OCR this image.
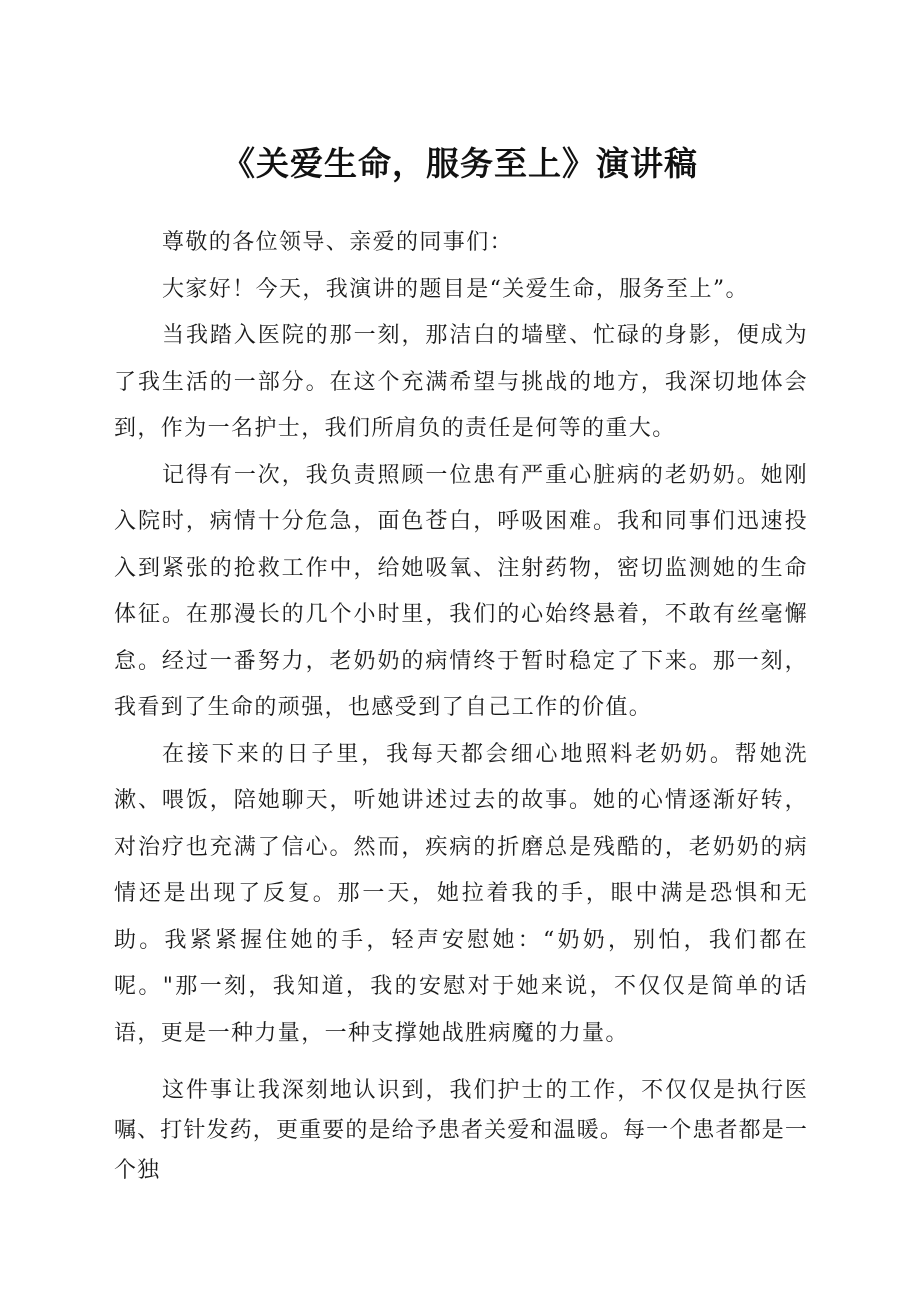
《关爱生命，服务至上》演讲稿

尊敬的各位领导、亲爱的同事们：

大家好！今天，我演讲的题目是“关爱生命，服务至上”。

当我踏入医院的那一刻，那洁白的墙壁、忙碌的身影，便成为了我生活的一部分。在这个充满希望与挑战的地方，我深切地体会到，作为一名护士，我们所肩负的责任是何等的重大。

记得有一次，我负责照顾一位患有严重心脏病的老奶奶。她刚入院时，病情十分危急，面色苍白，呼吸困难。我和同事们迅速投入到紧张的抢救工作中，给她吸氧、注射药物，密切监测她的生命体征。在那漫长的几个小时里，我们的心始终悬着，不敢有丝毫懈怠。经过一番努力，老奶奶的病情终于暂时稳定了下来。那一刻，我看到了生命的顽强，也感受到了自己工作的价值。

在接下来的日子里，我每天都会细心地照料老奶奶。帮她洗漱、喂饭，陪她聊天，听她讲述过去的故事。她的心情逐渐好转，对治疗也充满了信心。然而，疾病的折磨总是残酷的，老奶奶的病情还是出现了反复。那一天，她拉着我的手，眼中满是恐惧和无助。我紧紧握住她的手，轻声安慰她：“奶奶，别怕，我们都在呢。"那一刻，我知道，我的安慰对于她来说，不仅仅是简单的话语，更是一种力量，一种支撑她战胜病魔的力量。

这件事让我深刻地认识到，我们护士的工作，不仅仅是执行医嘱、打针发药，更重要的是给予患者关爱和温暖。每一个患者都是一个独
